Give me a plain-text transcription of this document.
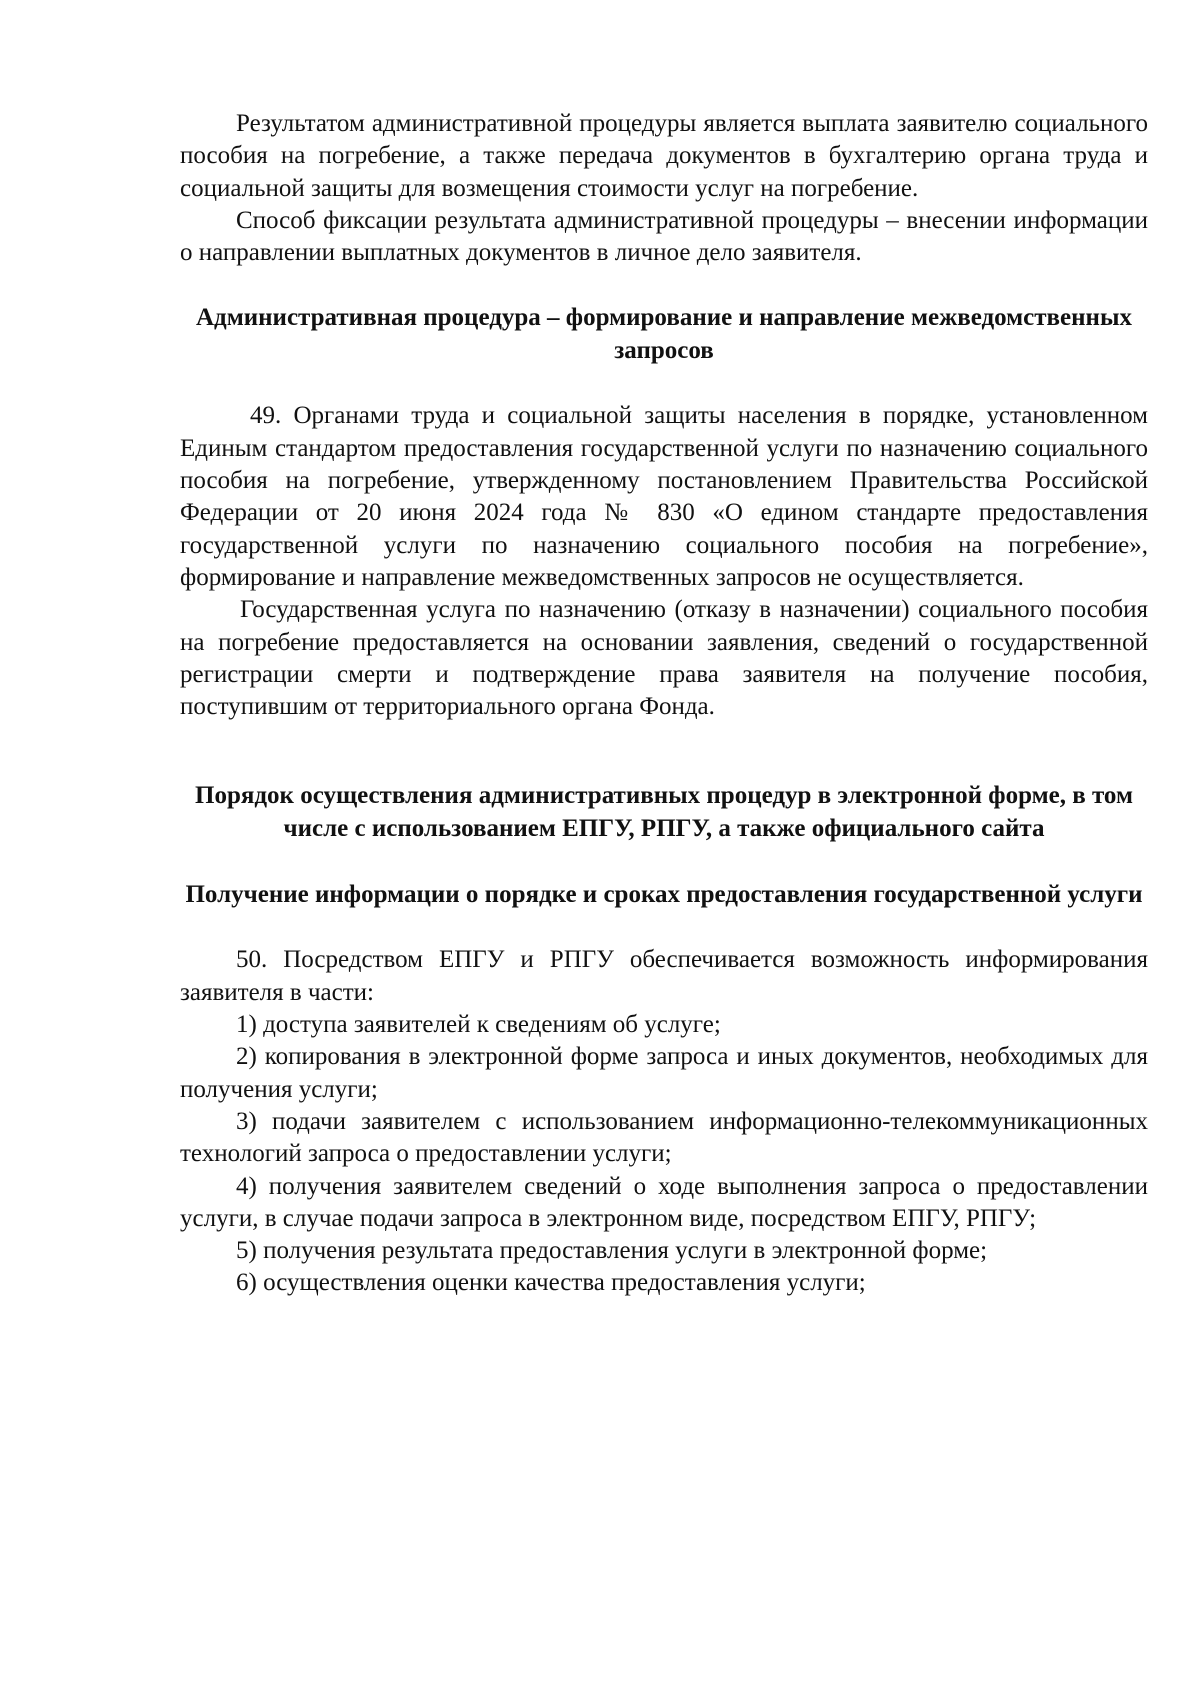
Результатом административной процедуры является выплата заявителю социального пособия на погребение, а также передача документов в бухгалтерию органа труда и социальной защиты для возмещения стоимости услуг на погребение.

Способ фиксации результата административной процедуры – внесении информации о направлении выплатных документов в личное дело заявителя.

Административная процедура – формирование и направление межведомственных запросов

49. Органами труда и социальной защиты населения в порядке, установленном Единым стандартом предоставления государственной услуги по назначению социального пособия на погребение, утвержденному постановлением Правительства Российской Федерации от 20 июня 2024 года № 830 «О едином стандарте предоставления государственной услуги по назначению социального пособия на погребение», формирование и направление межведомственных запросов не осуществляется.

Государственная услуга по назначению (отказу в назначении) социального пособия на погребение предоставляется на основании заявления, сведений о государственной регистрации смерти и подтверждение права заявителя на получение пособия, поступившим от территориального органа Фонда.

Порядок осуществления административных процедур в электронной форме, в том числе с использованием ЕПГУ, РПГУ, а также официального сайта
Получение информации о порядке и сроках предоставления государственной услуги

50. Посредством ЕПГУ и РПГУ обеспечивается возможность информирования заявителя в части:

1) доступа заявителей к сведениям об услуге;

2) копирования в электронной форме запроса и иных документов, необходимых для получения услуги;

3) подачи заявителем с использованием информационно-телекоммуникационных технологий запроса о предоставлении услуги;

4) получения заявителем сведений о ходе выполнения запроса о предоставлении услуги, в случае подачи запроса в электронном виде, посредством ЕПГУ, РПГУ;

5) получения результата предоставления услуги в электронной форме;

6) осуществления оценки качества предоставления услуги;
